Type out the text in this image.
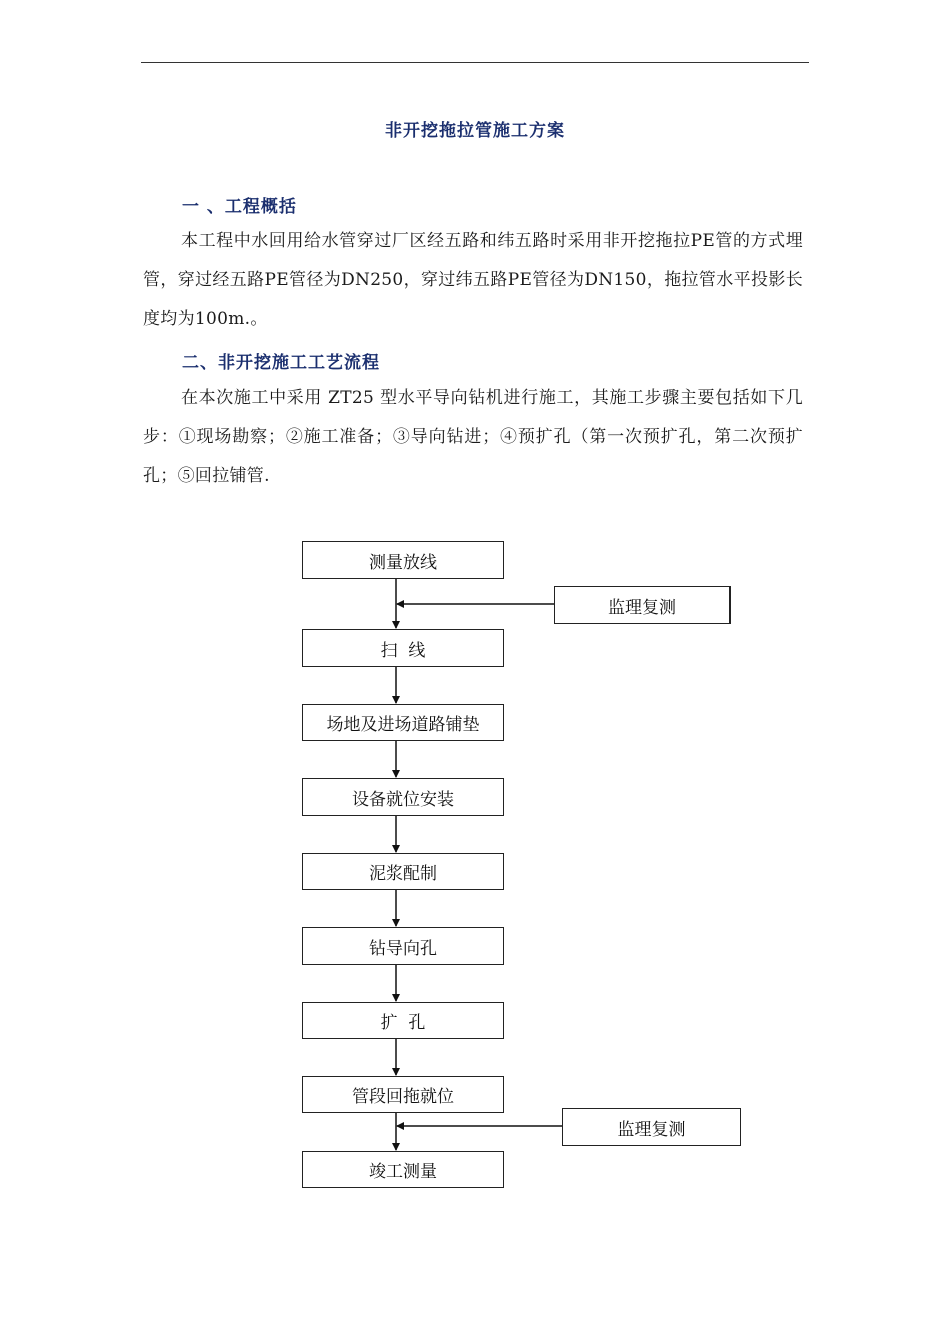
非开挖拖拉管施工方案
一 、工程概括

本工程中水回用给水管穿过厂区经五路和纬五路时采用非开挖拖拉PE管的方式埋管，穿过经五路PE管径为DN250，穿过纬五路PE管径为DN150，拖拉管水平投影长度均为100m.。

二、非开挖施工工艺流程

在本次施工中采用 ZT25 型水平导向钻机进行施工，其施工步骤主要包括如下几步：①现场勘察；②施工准备；③导向钻进；④预扩孔（第一次预扩孔，第二次预扩孔；⑤回拉铺管.

测量放线
扫  线
场地及进场道路铺垫
设备就位安装
泥浆配制
钻导向孔
扩  孔
管段回拖就位
竣工测量
监理复测
监理复测
